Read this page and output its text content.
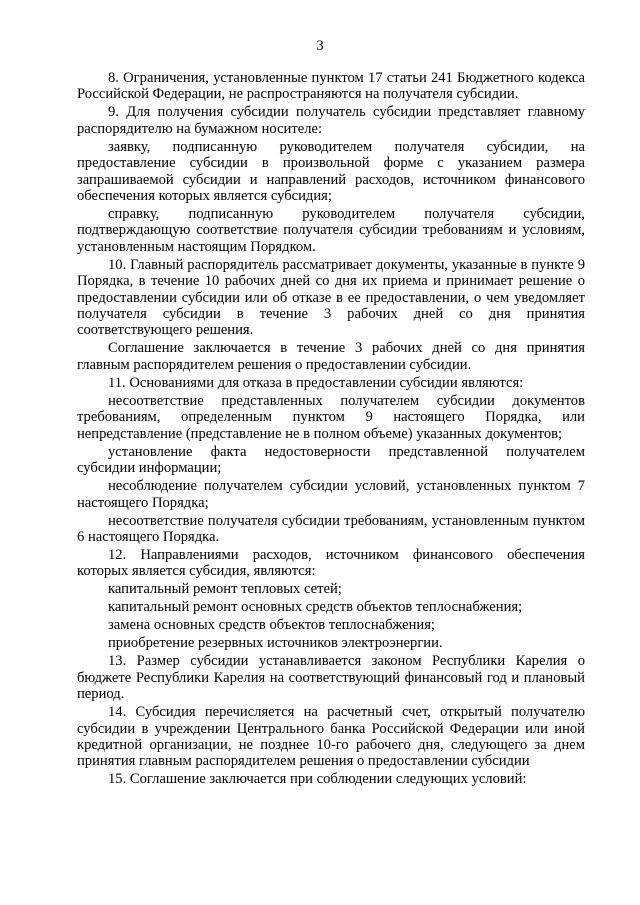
3

8. Ограничения, установленные пунктом 17 статьи 241 Бюджетного кодекса Российской Федерации, не распространяются на получателя субсидии.

9. Для получения субсидии получатель субсидии представляет главному распорядителю на бумажном носителе:

заявку, подписанную руководителем получателя субсидии, на предоставление субсидии в произвольной форме с указанием размера запрашиваемой субсидии и направлений расходов, источником финансового обеспечения которых является субсидия;

справку, подписанную руководителем получателя субсидии, подтверждающую соответствие получателя субсидии требованиям и условиям, установленным настоящим Порядком.

10. Главный распорядитель рассматривает документы, указанные в пункте 9 Порядка, в течение 10 рабочих дней со дня их приема и принимает решение о предоставлении субсидии или об отказе в ее предоставлении, о чем уведомляет получателя субсидии в течение 3 рабочих дней со дня принятия соответствующего решения.

Соглашение заключается в течение 3 рабочих дней со дня принятия главным распорядителем решения о предоставлении субсидии.

11. Основаниями для отказа в предоставлении субсидии являются:

несоответствие представленных получателем субсидии документов требованиям, определенным пунктом 9 настоящего Порядка, или непредставление (представление не в полном объеме) указанных документов;

установление факта недостоверности представленной получателем субсидии информации;

несоблюдение получателем субсидии условий, установленных пунктом 7 настоящего Порядка;

несоответствие получателя субсидии требованиям, установленным пунктом 6 настоящего Порядка.

12. Направлениями расходов, источником финансового обеспечения которых является субсидия, являются:

капитальный ремонт тепловых сетей;

капитальный ремонт основных средств объектов теплоснабжения;

замена основных средств объектов теплоснабжения;

приобретение резервных источников электроэнергии.

13. Размер субсидии устанавливается законом Республики Карелия о бюджете Республики Карелия на соответствующий финансовый год и плановый период.

14. Субсидия перечисляется на расчетный счет, открытый получателю субсидии в учреждении Центрального банка Российской Федерации или иной кредитной организации, не позднее 10-го рабочего дня, следующего за днем принятия главным распорядителем решения о предоставлении субсидии

15. Соглашение заключается при соблюдении следующих условий:
